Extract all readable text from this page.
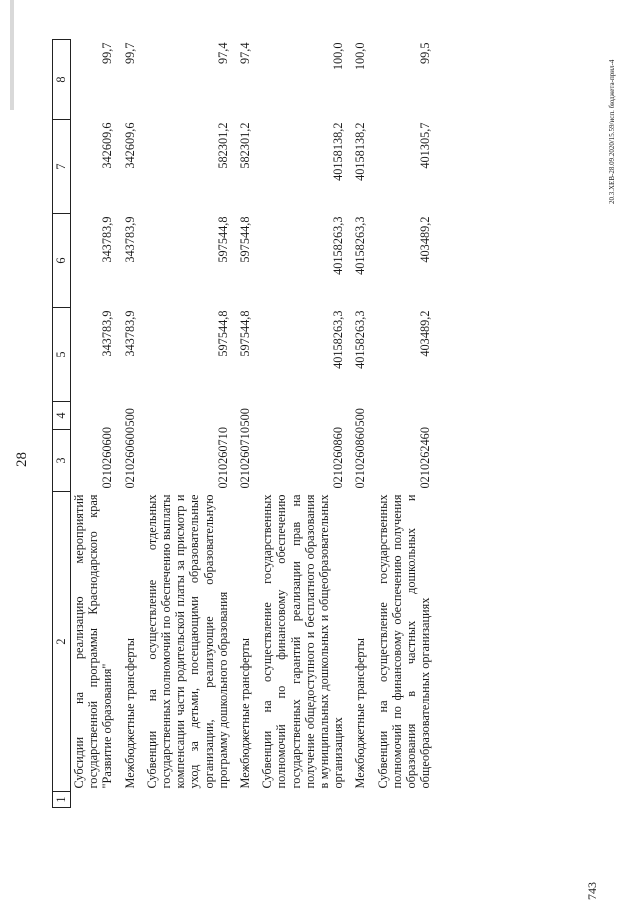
28
743
20.3.ХЕВ-28.09.2020/15.59/исп. бюджета-прил-4
1	2	3	4	5	6	7	8
	Субсидии на реализацию мероприятий государственной программы Краснодарского края "Развитие образования"	0210260600		343783,9	343783,9	342609,6	99,7

	Межбюджетные трансферты	0210260600	500	343783,9	343783,9	342609,6	99,7

	Субвенции на осуществление отдельных государственных полномочий по обеспечению выплаты компенсации части родительской платы за присмотр и уход за детьми, посещающими образовательные организации, реализующие образовательную программу дошкольного образования	0210260710		597544,8	597544,8	582301,2	97,4

	Межбюджетные трансферты	0210260710	500	597544,8	597544,8	582301,2	97,4

	Субвенции на осуществление государственных полномочий по финансовому обеспечению государственных гарантий реализации прав на получение общедоступного и бесплатного образования в муниципальных дошкольных и общеобразовательных организациях	0210260860		40158263,3	40158263,3	40158138,2	100,0

	Межбюджетные трансферты	0210260860	500	40158263,3	40158263,3	40158138,2	100,0

	Субвенции на осуществление государственных полномочий по финансовому обеспечению получения образования в частных дошкольных и общеобразовательных организациях	0210262460		403489,2	403489,2	401305,7	99,5
